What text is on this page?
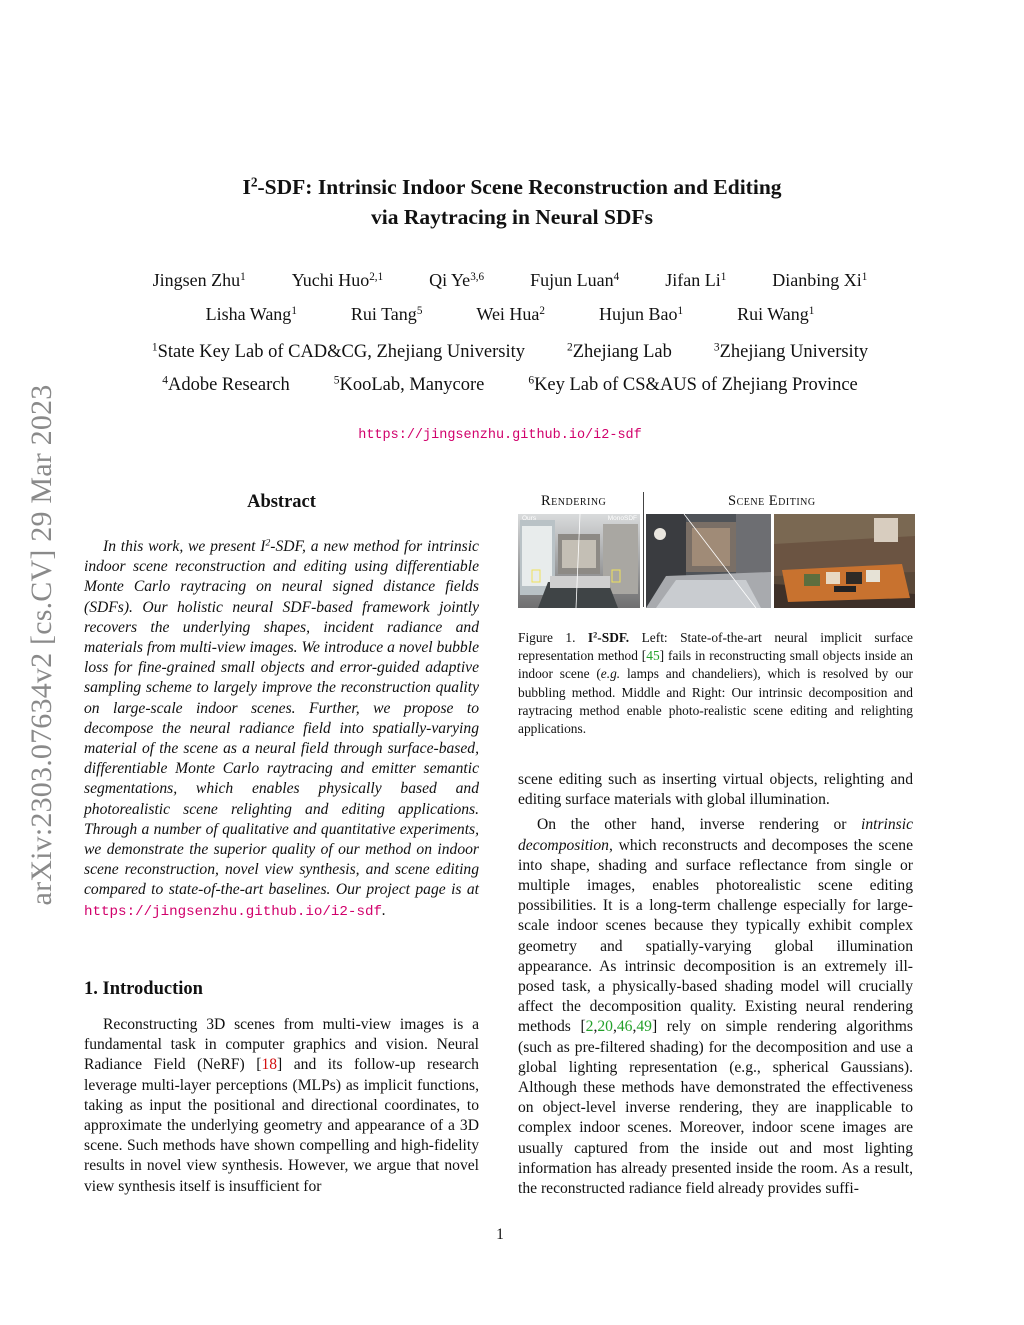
arXiv:2303.07634v2 [cs.CV] 29 Mar 2023
$I^2$-SDF: Intrinsic Indoor Scene Reconstruction and Editing
via Raytracing in Neural SDFs
Jingsen Zhu$^1$	Yuchi Huo$^{2,1}$	Qi Ye$^{3,6}$	Fujun Luan$^4$	Jifan Li$^1$	Dianbing Xi$^1$
Lisha Wang$^1$	Rui Tang$^5$	Wei Hua$^2$	Hujun Bao$^1$	Rui Wang$^1$
$^1$State Key Lab of CAD&CG, Zhejiang University	$^2$Zhejiang Lab	$^3$Zhejiang University
$^4$Adobe Research	$^5$KooLab, Manycore	$^6$Key Lab of CS&AUS of Zhejiang Province
https://jingsenzhu.github.io/i2-sdf
Abstract

In this work, we present $I^2$-SDF, a new method for intrinsic indoor scene reconstruction and editing using differentiable Monte Carlo raytracing on neural signed distance fields (SDFs). Our holistic neural SDF-based framework jointly recovers the underlying shapes, incident radiance and materials from multi-view images. We introduce a novel bubble loss for fine-grained small objects and error-guided adaptive sampling scheme to largely improve the reconstruction quality on large-scale indoor scenes. Further, we propose to decompose the neural radiance field into spatially-varying material of the scene as a neural field through surface-based, differentiable Monte Carlo raytracing and emitter semantic segmentations, which enables physically based and photorealistic scene relighting and editing applications. Through a number of qualitative and quantitative experiments, we demonstrate the superior quality of our method on indoor scene reconstruction, novel view synthesis, and scene editing compared to state-of-the-art baselines. Our project page is at https://jingsenzhu.github.io/i2-sdf.

1. Introduction

Reconstructing 3D scenes from multi-view images is a fundamental task in computer graphics and vision. Neural Radiance Field (NeRF) [18] and its follow-up research leverage multi-layer perceptions (MLPs) as implicit functions, taking as input the positional and directional coordinates, to approximate the underlying geometry and appearance of a 3D scene. Such methods have shown compelling and high-fidelity results in novel view synthesis. However, we argue that novel view synthesis itself is insufficient for

Rendering	Scene Editing
Ours	MonoSDF
Figure 1. $I^2$-SDF. Left: State-of-the-art neural implicit surface representation method [45] fails in reconstructing small objects inside an indoor scene (e.g. lamps and chandeliers), which is resolved by our bubbling method. Middle and Right: Our intrinsic decomposition and raytracing method enable photo-realistic scene editing and relighting applications.

scene editing such as inserting virtual objects, relighting and editing surface materials with global illumination.

On the other hand, inverse rendering or intrinsic decomposition, which reconstructs and decomposes the scene into shape, shading and surface reflectance from single or multiple images, enables photorealistic scene editing possibilities. It is a long-term challenge especially for large-scale indoor scenes because they typically exhibit complex geometry and spatially-varying global illumination appearance. As intrinsic decomposition is an extremely ill-posed task, a physically-based shading model will crucially affect the decomposition quality. Existing neural rendering methods [2,20,46,49] rely on simple rendering algorithms (such as pre-filtered shading) for the decomposition and use a global lighting representation (e.g., spherical Gaussians). Although these methods have demonstrated the effectiveness on object-level inverse rendering, they are inapplicable to complex indoor scenes. Moreover, indoor scene images are usually captured from the inside out and most lighting information has already presented inside the room. As a result, the reconstructed radiance field already provides suffi-

1
